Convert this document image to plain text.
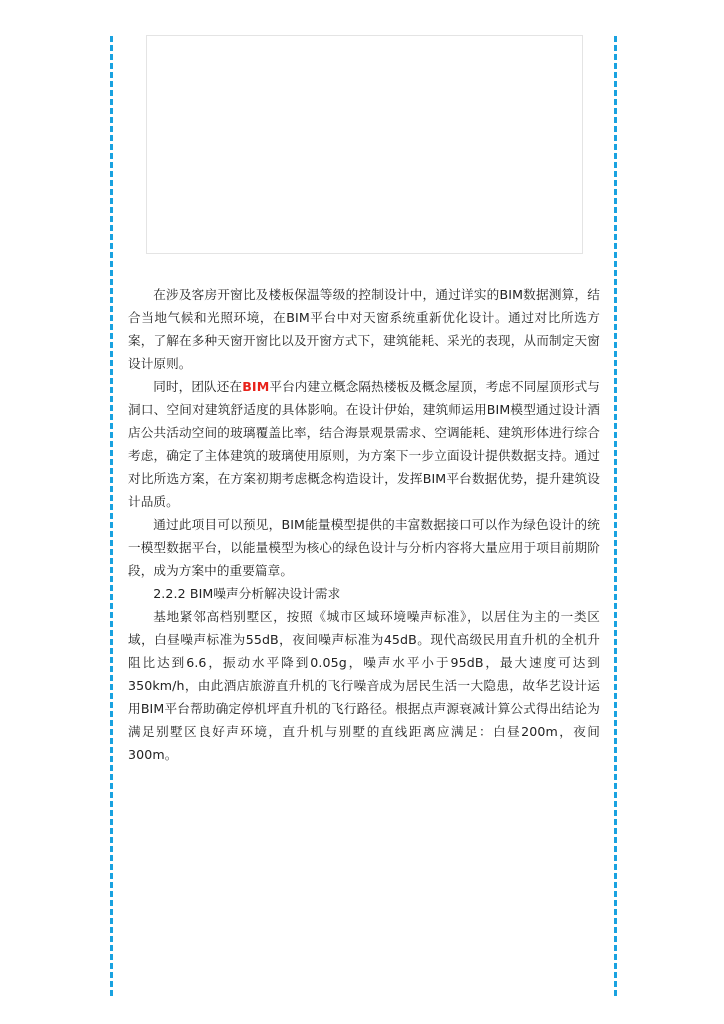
在涉及客房开窗比及楼板保温等级的控制设计中，通过详实的BIM数据测算，结合当地气候和光照环境，在BIM平台中对天窗系统重新优化设计。通过对比所选方案，了解在多种天窗开窗比以及开窗方式下，建筑能耗、采光的表现，从而制定天窗设计原则。

同时，团队还在BIM平台内建立概念隔热楼板及概念屋顶，考虑不同屋顶形式与洞口、空间对建筑舒适度的具体影响。在设计伊始，建筑师运用BIM模型通过设计酒店公共活动空间的玻璃覆盖比率，结合海景观景需求、空调能耗、建筑形体进行综合考虑，确定了主体建筑的玻璃使用原则，为方案下一步立面设计提供数据支持。通过对比所选方案，在方案初期考虑概念构造设计，发挥BIM平台数据优势，提升建筑设计品质。

通过此项目可以预见，BIM能量模型提供的丰富数据接口可以作为绿色设计的统一模型数据平台，以能量模型为核心的绿色设计与分析内容将大量应用于项目前期阶段，成为方案中的重要篇章。

2.2.2 BIM噪声分析解决设计需求

基地紧邻高档别墅区，按照《城市区域环境噪声标准》，以居住为主的一类区域，白昼噪声标准为55dB，夜间噪声标准为45dB。现代高级民用直升机的全机升阻比达到6.6，振动水平降到0.05g，噪声水平小于95dB，最大速度可达到350km/h，由此酒店旅游直升机的飞行噪音成为居民生活一大隐患，故华艺设计运用BIM平台帮助确定停机坪直升机的飞行路径。根据点声源衰减计算公式得出结论为满足别墅区良好声环境，直升机与别墅的直线距离应满足：白昼200m，夜间300m。
